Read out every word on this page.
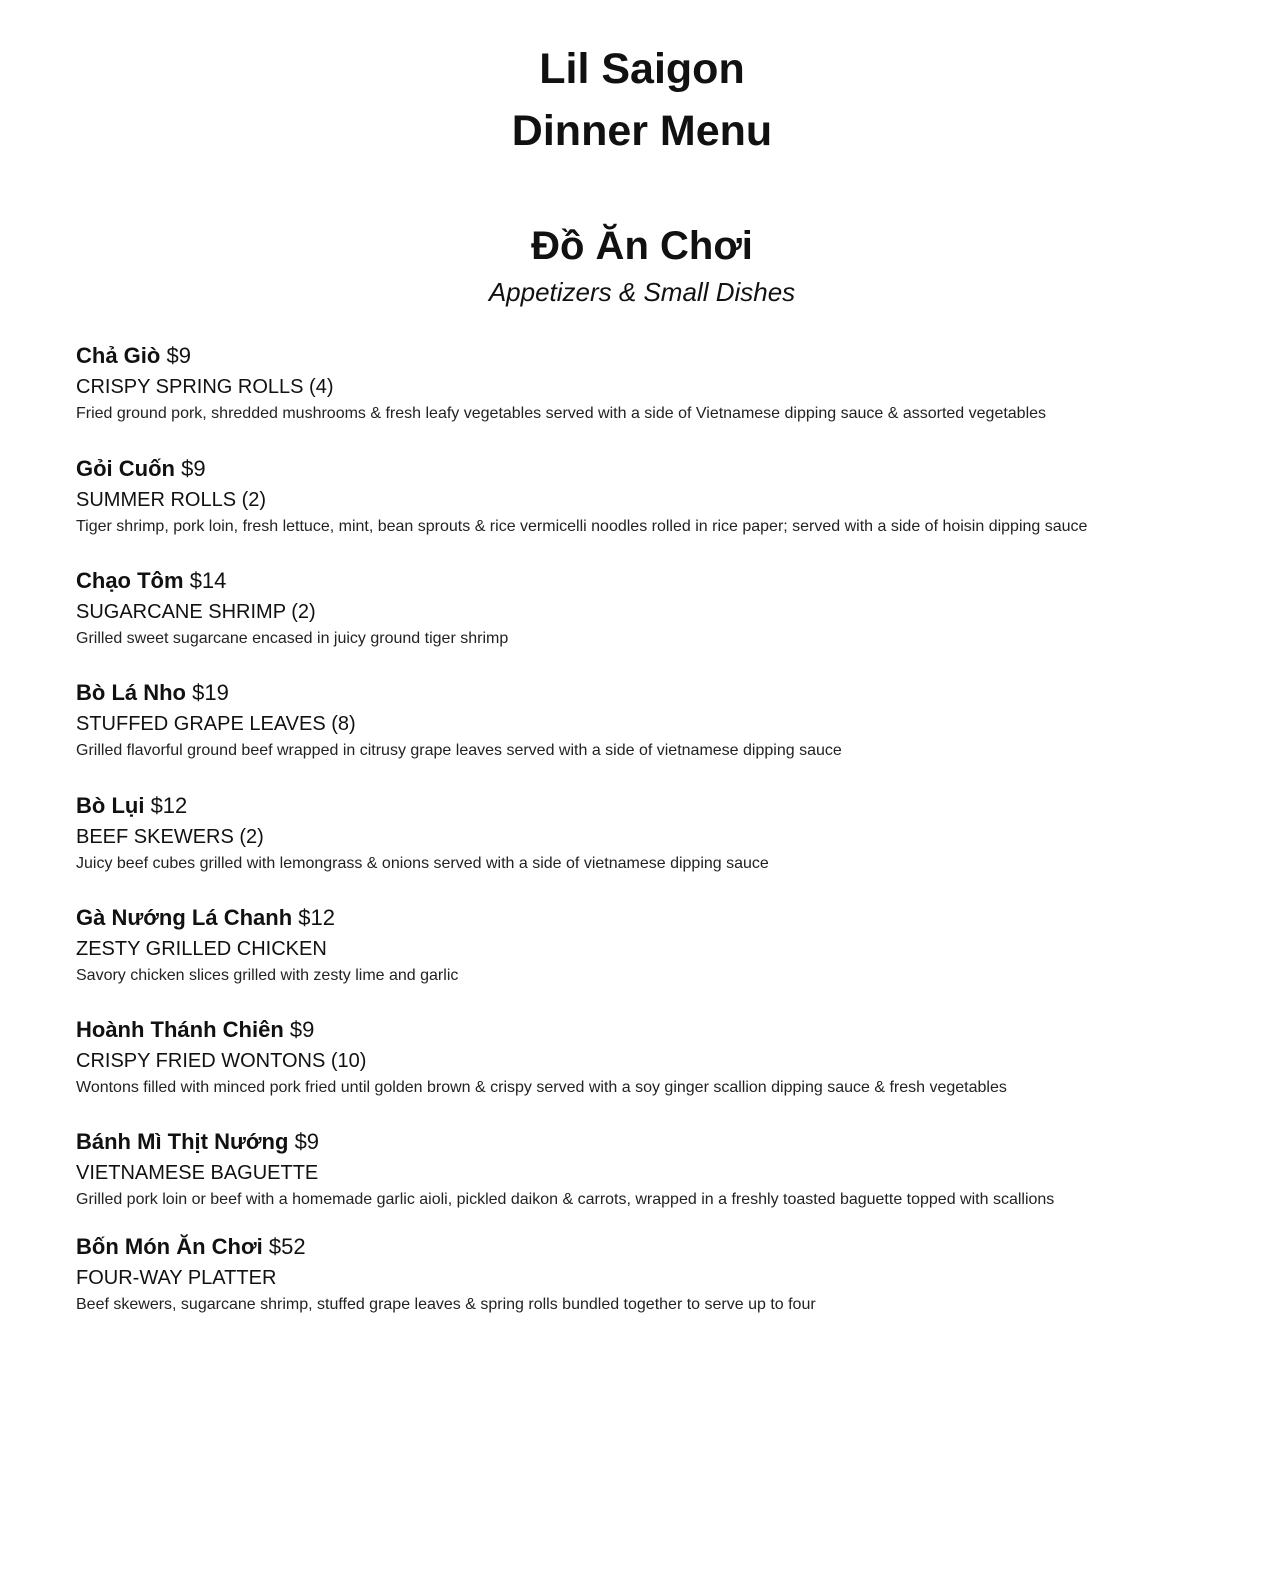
Lil Saigon
Dinner Menu
Đồ Ăn Chơi

Appetizers & Small Dishes

Chả Giò $9
CRISPY SPRING ROLLS (4)
Fried ground pork, shredded mushrooms & fresh leafy vegetables served with a side of Vietnamese dipping sauce & assorted vegetables
Gỏi Cuốn $9
SUMMER ROLLS (2)
Tiger shrimp, pork loin, fresh lettuce, mint, bean sprouts & rice vermicelli noodles rolled in rice paper; served with a side of hoisin dipping sauce
Chạo Tôm $14
SUGARCANE SHRIMP (2)
Grilled sweet sugarcane encased in juicy ground tiger shrimp
Bò Lá Nho $19
STUFFED GRAPE LEAVES (8)
Grilled flavorful ground beef wrapped in citrusy grape leaves served with a side of vietnamese dipping sauce
Bò Lụi $12
BEEF SKEWERS (2)
Juicy beef cubes grilled with lemongrass & onions served with a side of vietnamese dipping sauce
Gà Nướng Lá Chanh $12
ZESTY GRILLED CHICKEN
Savory chicken slices grilled with zesty lime and garlic
Hoành Thánh Chiên $9
CRISPY FRIED WONTONS (10)
Wontons filled with minced pork fried until golden brown & crispy served with a soy ginger scallion dipping sauce & fresh vegetables
Bánh Mì Thịt Nướng $9
VIETNAMESE BAGUETTE
Grilled pork loin or beef with a homemade garlic aioli, pickled daikon & carrots, wrapped in a freshly toasted baguette topped with scallions
Bốn Món Ăn Chơi $52
FOUR-WAY PLATTER
Beef skewers, sugarcane shrimp, stuffed grape leaves & spring rolls bundled together to serve up to four
